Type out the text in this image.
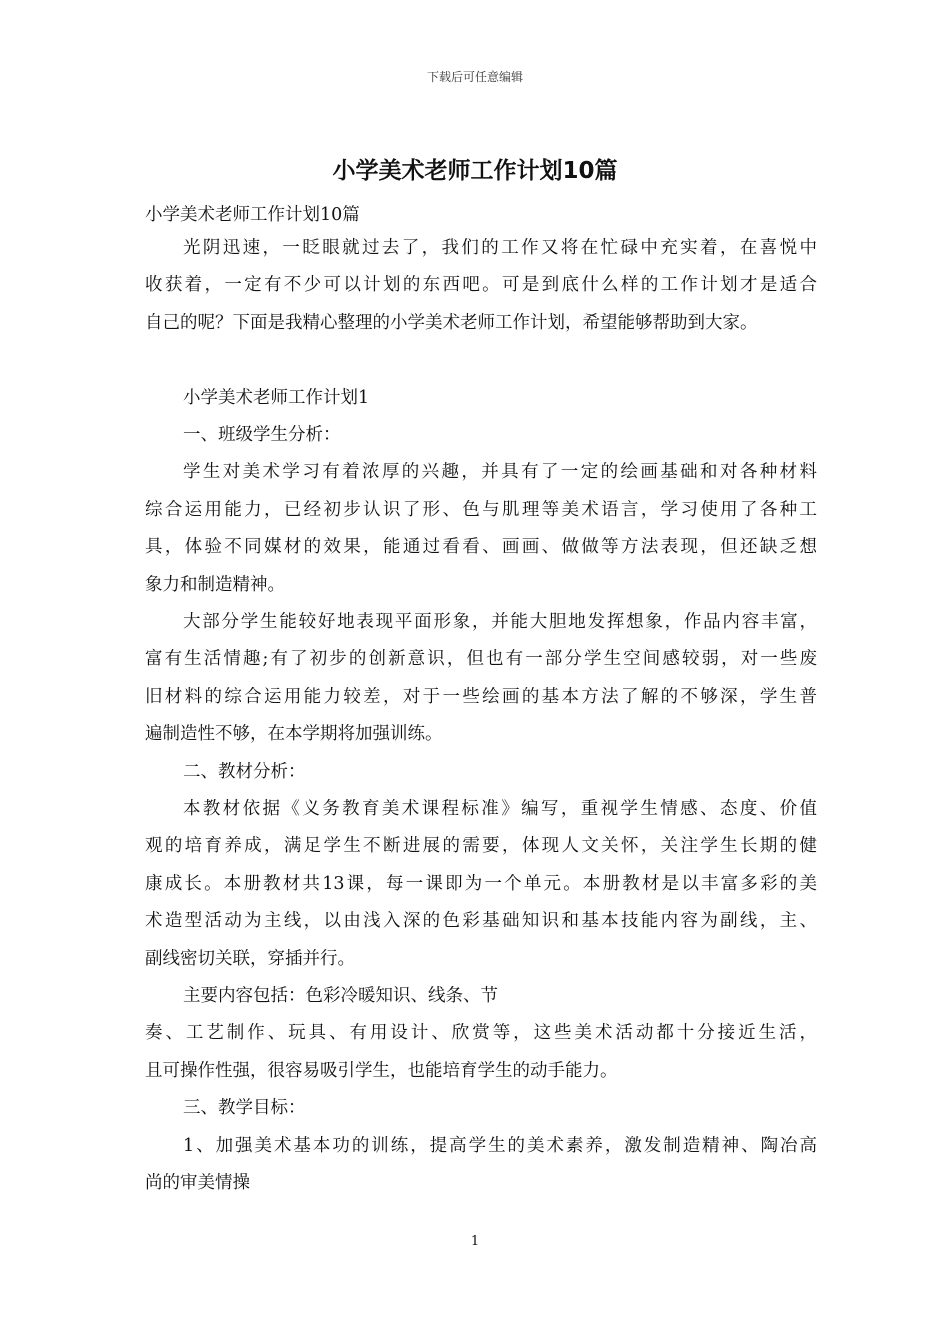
下载后可任意编辑
小学美术老师工作计划10篇
小学美术老师工作计划10篇
光阴迅速，一眨眼就过去了，我们的工作又将在忙碌中充实着，在喜悦中
收获着，一定有不少可以计划的东西吧。可是到底什么样的工作计划才是适合
自己的呢？下面是我精心整理的小学美术老师工作计划，希望能够帮助到大家。
小学美术老师工作计划1
一、班级学生分析：
学生对美术学习有着浓厚的兴趣，并具有了一定的绘画基础和对各种材料
综合运用能力，已经初步认识了形、色与肌理等美术语言，学习使用了各种工
具，体验不同媒材的效果，能通过看看、画画、做做等方法表现，但还缺乏想
象力和制造精神。
大部分学生能较好地表现平面形象，并能大胆地发挥想象，作品内容丰富，
富有生活情趣;有了初步的创新意识，但也有一部分学生空间感较弱，对一些废
旧材料的综合运用能力较差，对于一些绘画的基本方法了解的不够深，学生普
遍制造性不够，在本学期将加强训练。
二、教材分析：
本教材依据《义务教育美术课程标准》编写，重视学生情感、态度、价值
观的培育养成，满足学生不断进展的需要，体现人文关怀，关注学生长期的健
康成长。本册教材共13课，每一课即为一个单元。本册教材是以丰富多彩的美
术造型活动为主线，以由浅入深的色彩基础知识和基本技能内容为副线，主、
副线密切关联，穿插并行。
主要内容包括：色彩冷暖知识、线条、节
奏、工艺制作、玩具、有用设计、欣赏等，这些美术活动都十分接近生活，
且可操作性强，很容易吸引学生，也能培育学生的动手能力。
三、教学目标：
1、加强美术基本功的训练，提高学生的美术素养，激发制造精神、陶冶高
尚的审美情操
1
